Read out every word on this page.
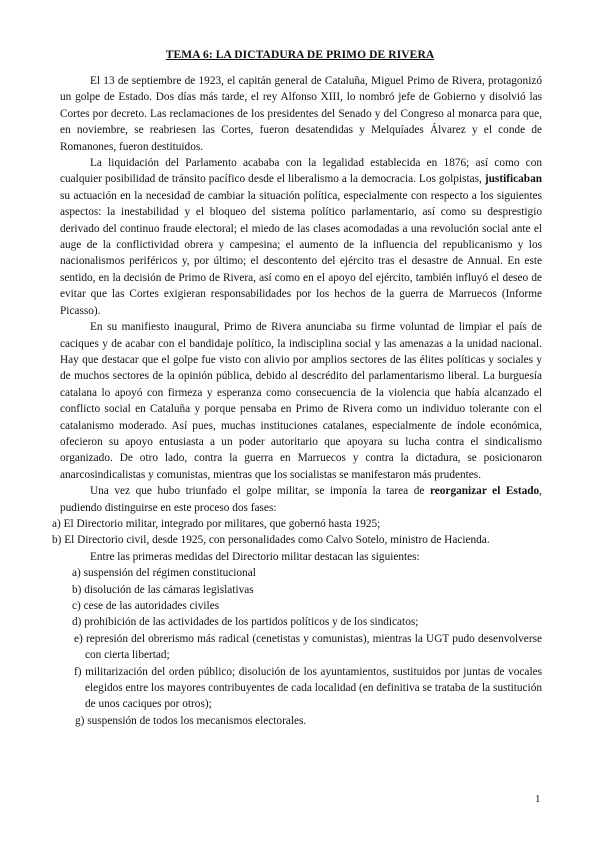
TEMA 6: LA DICTADURA DE PRIMO DE RIVERA

El 13 de septiembre de 1923, el capitán general de Cataluña, Miguel Primo de Rivera, protagonizó un golpe de Estado. Dos días más tarde, el rey Alfonso XIII, lo nombró jefe de Gobierno y disolvió las Cortes por decreto. Las reclamaciones de los presidentes del Senado y del Congreso al monarca para que, en noviembre, se reabriesen las Cortes, fueron desatendidas y Melquíades Álvarez y el conde de Romanones, fueron destituidos.

La liquidación del Parlamento acababa con la legalidad establecida en 1876; así como con cualquier posibilidad de tránsito pacífico desde el liberalismo a la democracia. Los golpistas, justificaban su actuación en la necesidad de cambiar la situación política, especialmente con respecto a los siguientes aspectos: la inestabilidad y el bloqueo del sistema político parlamentario, así como su desprestigio derivado del continuo fraude electoral; el miedo de las clases acomodadas a una revolución social ante el auge de la conflictividad obrera y campesina; el aumento de la influencia del republicanismo y los nacionalismos periféricos y, por último; el descontento del ejército tras el desastre de Annual. En este sentido, en la decisión de Primo de Rivera, así como en el apoyo del ejército, también influyó el deseo de evitar que las Cortes exigieran responsabilidades por los hechos de la guerra de Marruecos (Informe Picasso).

En su manifiesto inaugural, Primo de Rivera anunciaba su firme voluntad de limpiar el país de caciques y de acabar con el bandidaje político, la indisciplina social y las amenazas a la unidad nacional. Hay que destacar que el golpe fue visto con alivio por amplios sectores de las élites políticas y sociales y de muchos sectores de la opinión pública, debido al descrédito del parlamentarismo liberal. La burguesía catalana lo apoyó con firmeza y esperanza como consecuencia de la violencia que había alcanzado el conflicto social en Cataluña y porque pensaba en Primo de Rivera como un individuo tolerante con el catalanismo moderado. Así pues, muchas instituciones catalanes, especialmente de índole económica, ofecieron su apoyo entusiasta a un poder autoritario que apoyara su lucha contra el sindicalismo organizado. De otro lado, contra la guerra en Marruecos y contra la dictadura, se posicionaron anarcosindicalistas y comunistas, mientras que los socialistas se manifestaron más prudentes.

Una vez que hubo triunfado el golpe militar, se imponía la tarea de reorganizar el Estado, pudiendo distinguirse en este proceso dos fases:

a) El Directorio militar, integrado por militares, que gobernó hasta 1925;
b) El Directorio civil, desde 1925, con personalidades como Calvo Sotelo, ministro de Hacienda.

Entre las primeras medidas del Directorio militar destacan las siguientes:

a) suspensión del régimen constitucional
b) disolución de las cámaras legislativas
c) cese de las autoridades civiles
d) prohibición de las actividades de los partidos políticos y de los sindicatos;
e) represión del obrerismo más radical (cenetistas y comunistas), mientras la UGT pudo desenvolverse con cierta libertad;
f) militarización del orden público; disolución de los ayuntamientos, sustituidos por juntas de vocales elegidos entre los mayores contribuyentes de cada localidad (en definitiva se trataba de la sustitución de unos caciques por otros);
g) suspensión de todos los mecanismos electorales.
1
